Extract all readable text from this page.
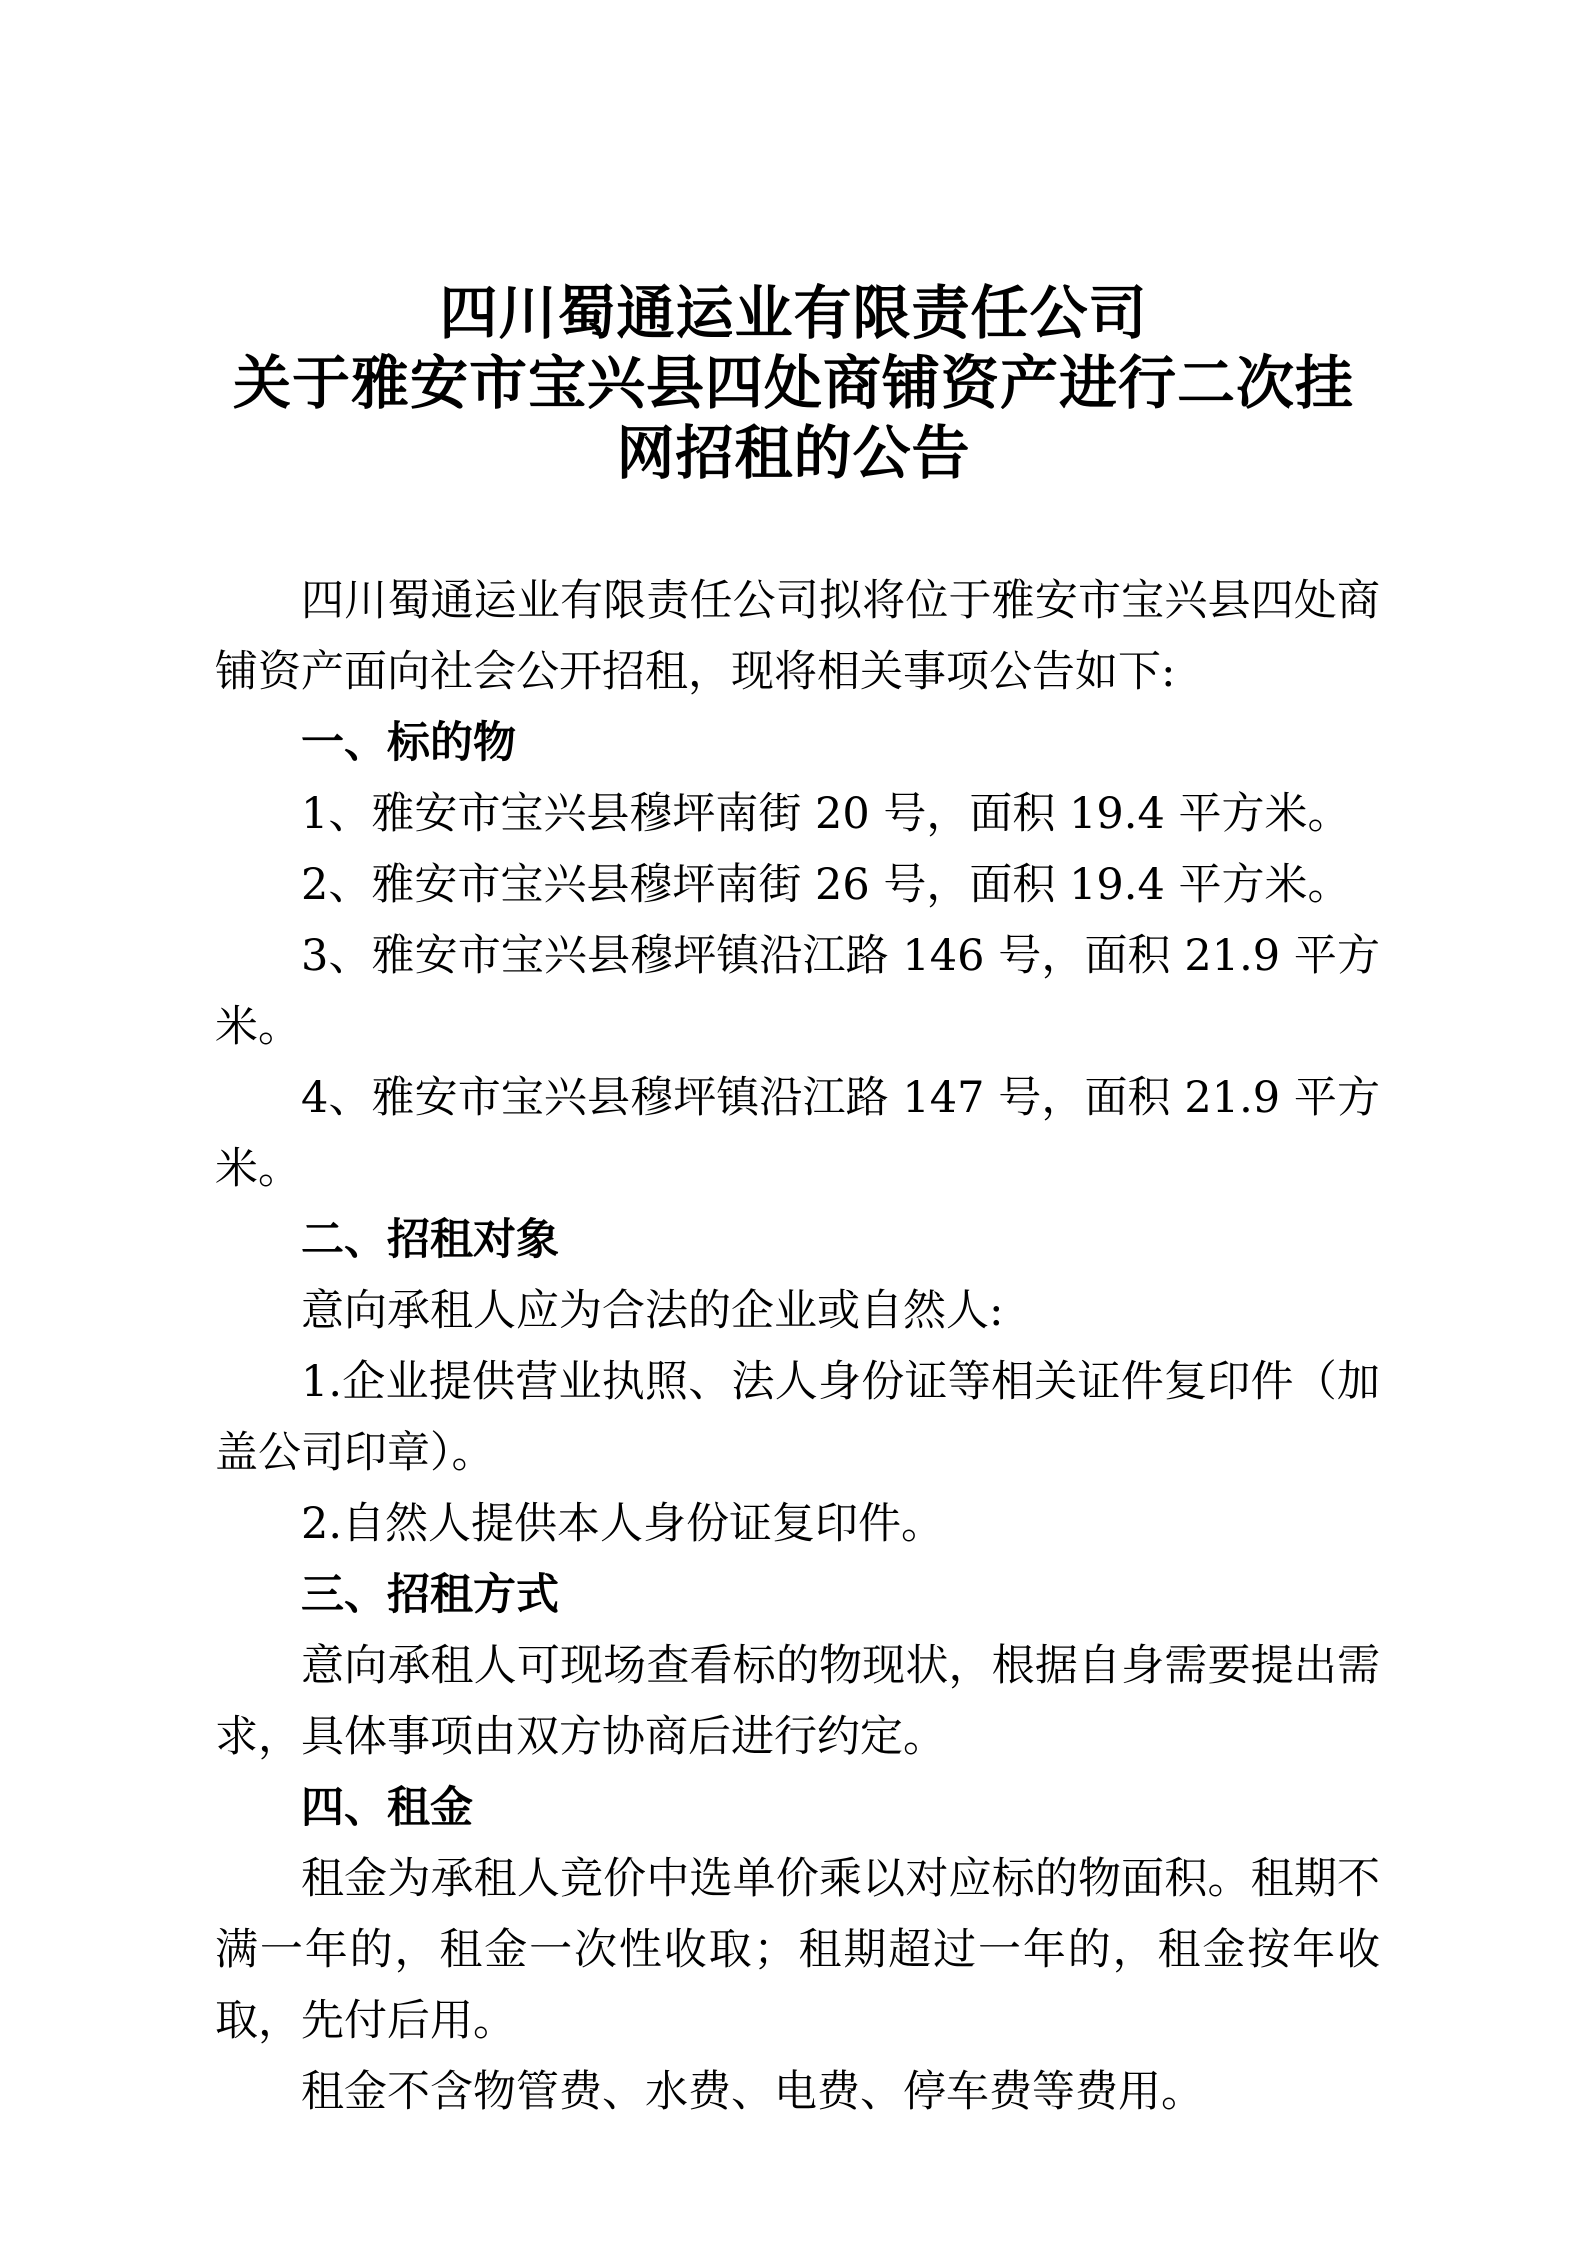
四川蜀通运业有限责任公司
关于雅安市宝兴县四处商铺资产进行二次挂
网招租的公告

四川蜀通运业有限责任公司拟将位于雅安市宝兴县四处商铺资产面向社会公开招租，现将相关事项公告如下:

一、标的物

1、雅安市宝兴县穆坪南街 20 号，面积 19.4 平方米。

2、雅安市宝兴县穆坪南街 26 号，面积 19.4 平方米。

3、雅安市宝兴县穆坪镇沿江路 146 号，面积 21.9 平方米。

4、雅安市宝兴县穆坪镇沿江路 147 号，面积 21.9 平方米。

二、招租对象

意向承租人应为合法的企业或自然人:

1.企业提供营业执照、法人身份证等相关证件复印件（加盖公司印章）。

2.自然人提供本人身份证复印件。

三、招租方式

意向承租人可现场查看标的物现状，根据自身需要提出需求，具体事项由双方协商后进行约定。

四、租金

租金为承租人竞价中选单价乘以对应标的物面积。租期不满一年的，租金一次性收取；租期超过一年的，租金按年收取，先付后用。

租金不含物管费、水费、电费、停车费等费用。
